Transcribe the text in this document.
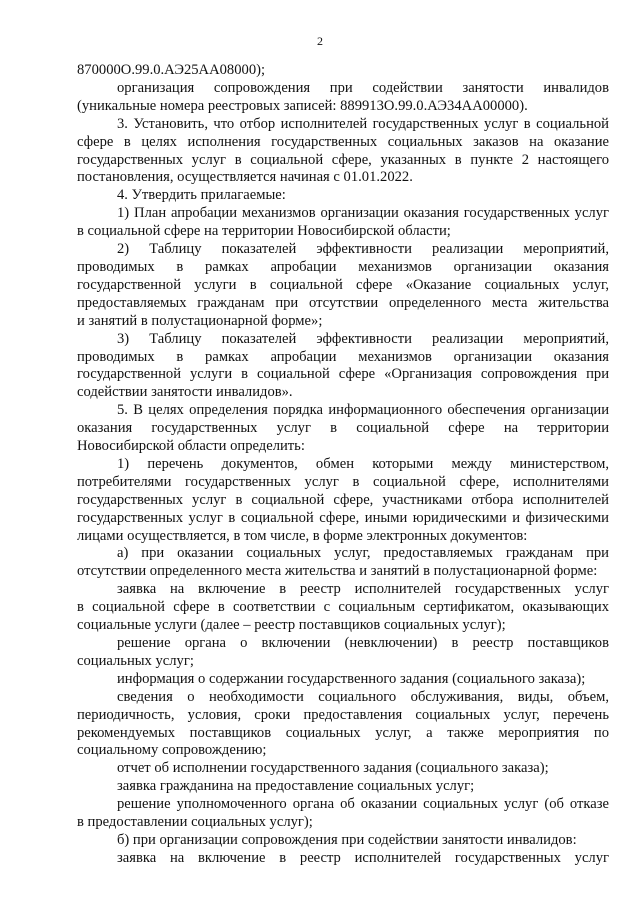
2
870000О.99.0.АЭ25АА08000);
организация сопровождения при содействии занятости инвалидов
(уникальные номера реестровых записей: 889913О.99.0.АЭ34АА00000).
3. Установить, что отбор исполнителей государственных услуг в социальной
сфере в целях исполнения государственных социальных заказов на оказание
государственных услуг в социальной сфере, указанных в пункте 2 настоящего
постановления, осуществляется начиная с 01.01.2022.
4. Утвердить прилагаемые:
1) План апробации механизмов организации оказания государственных услуг
в социальной сфере на территории Новосибирской области;
2) Таблицу показателей эффективности реализации мероприятий,
проводимых в рамках апробации механизмов организации оказания
государственной услуги в социальной сфере «Оказание социальных услуг,
предоставляемых гражданам при отсутствии определенного места жительства
и занятий в полустационарной форме»;
3) Таблицу показателей эффективности реализации мероприятий,
проводимых в рамках апробации механизмов организации оказания
государственной услуги в социальной сфере «Организация сопровождения при
содействии занятости инвалидов».
5. В целях определения порядка информационного обеспечения организации
оказания государственных услуг в социальной сфере на территории
Новосибирской области определить:
1) перечень документов, обмен которыми между министерством,
потребителями государственных услуг в социальной сфере, исполнителями
государственных услуг в социальной сфере, участниками отбора исполнителей
государственных услуг в социальной сфере, иными юридическими и физическими
лицами осуществляется, в том числе, в форме электронных документов:
а) при оказании социальных услуг, предоставляемых гражданам при
отсутствии определенного места жительства и занятий в полустационарной форме:
заявка на включение в реестр исполнителей государственных услуг
в социальной сфере в соответствии с социальным сертификатом, оказывающих
социальные услуги (далее – реестр поставщиков социальных услуг);
решение органа о включении (невключении) в реестр поставщиков
социальных услуг;
информация о содержании государственного задания (социального заказа);
сведения о необходимости социального обслуживания, виды, объем,
периодичность, условия, сроки предоставления социальных услуг, перечень
рекомендуемых поставщиков социальных услуг, а также мероприятия по
социальному сопровождению;
отчет об исполнении государственного задания (социального заказа);
заявка гражданина на предоставление социальных услуг;
решение уполномоченного органа об оказании социальных услуг (об отказе
в предоставлении социальных услуг);
б) при организации сопровождения при содействии занятости инвалидов:
заявка на включение в реестр исполнителей государственных услуг
